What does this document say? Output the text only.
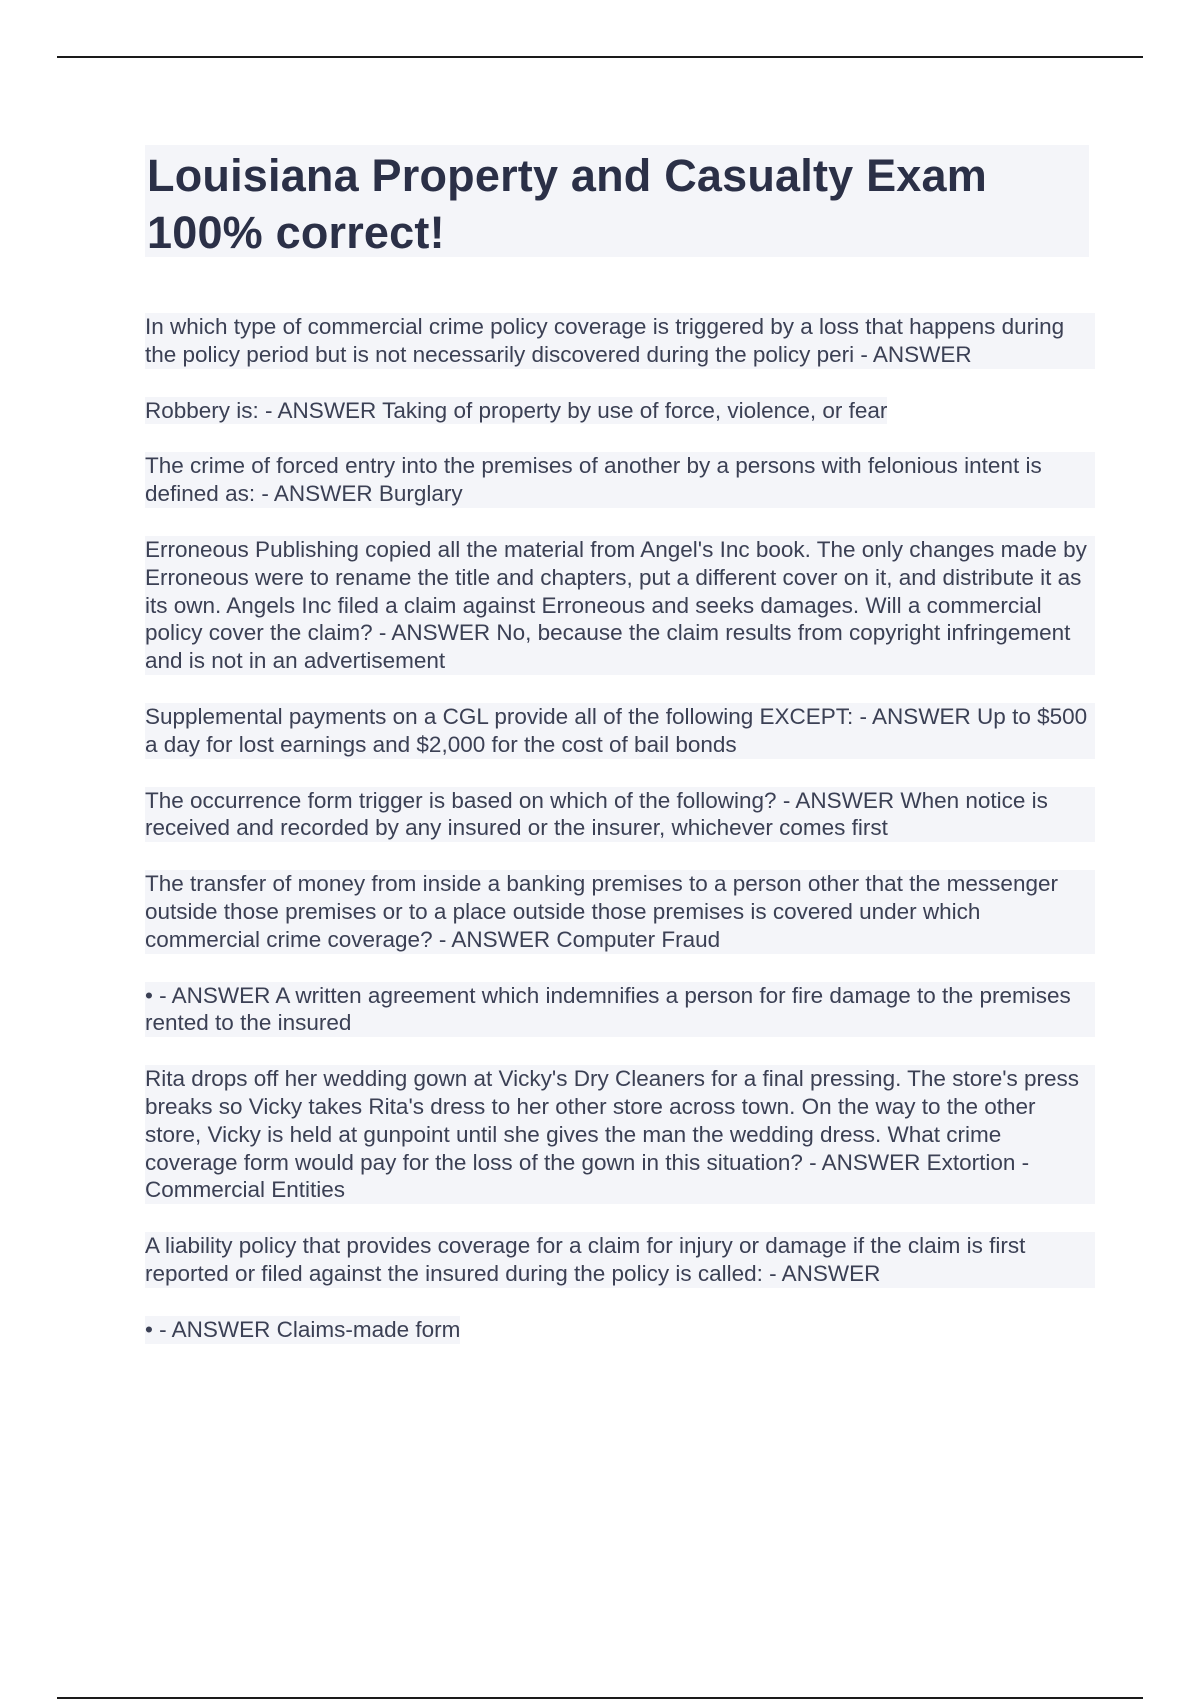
Louisiana Property and Casualty Exam 100% correct!
In which type of commercial crime policy coverage is triggered by a loss that happens during the policy period but is not necessarily discovered during the policy peri - ANSWER
Robbery is: - ANSWER Taking of property by use of force, violence, or fear
The crime of forced entry into the premises of another by a persons with felonious intent is defined as: - ANSWER Burglary
Erroneous Publishing copied all the material from Angel's Inc book. The only changes made by Erroneous were to rename the title and chapters, put a different cover on it, and distribute it as its own. Angels Inc filed a claim against Erroneous and seeks damages. Will a commercial policy cover the claim? - ANSWER No, because the claim results from copyright infringement and is not in an advertisement
Supplemental payments on a CGL provide all of the following EXCEPT: - ANSWER Up to $500 a day for lost earnings and $2,000 for the cost of bail bonds
The occurrence form trigger is based on which of the following? - ANSWER When notice is received and recorded by any insured or the insurer, whichever comes first
The transfer of money from inside a banking premises to a person other that the messenger outside those premises or to a place outside those premises is covered under which commercial crime coverage? - ANSWER Computer Fraud
• - ANSWER A written agreement which indemnifies a person for fire damage to the premises rented to the insured
Rita drops off her wedding gown at Vicky's Dry Cleaners for a final pressing. The store's press breaks so Vicky takes Rita's dress to her other store across town. On the way to the other store, Vicky is held at gunpoint until she gives the man the wedding dress. What crime coverage form would pay for the loss of the gown in this situation? - ANSWER Extortion - Commercial Entities
A liability policy that provides coverage for a claim for injury or damage if the claim is first reported or filed against the insured during the policy is called: - ANSWER
• - ANSWER Claims-made form
